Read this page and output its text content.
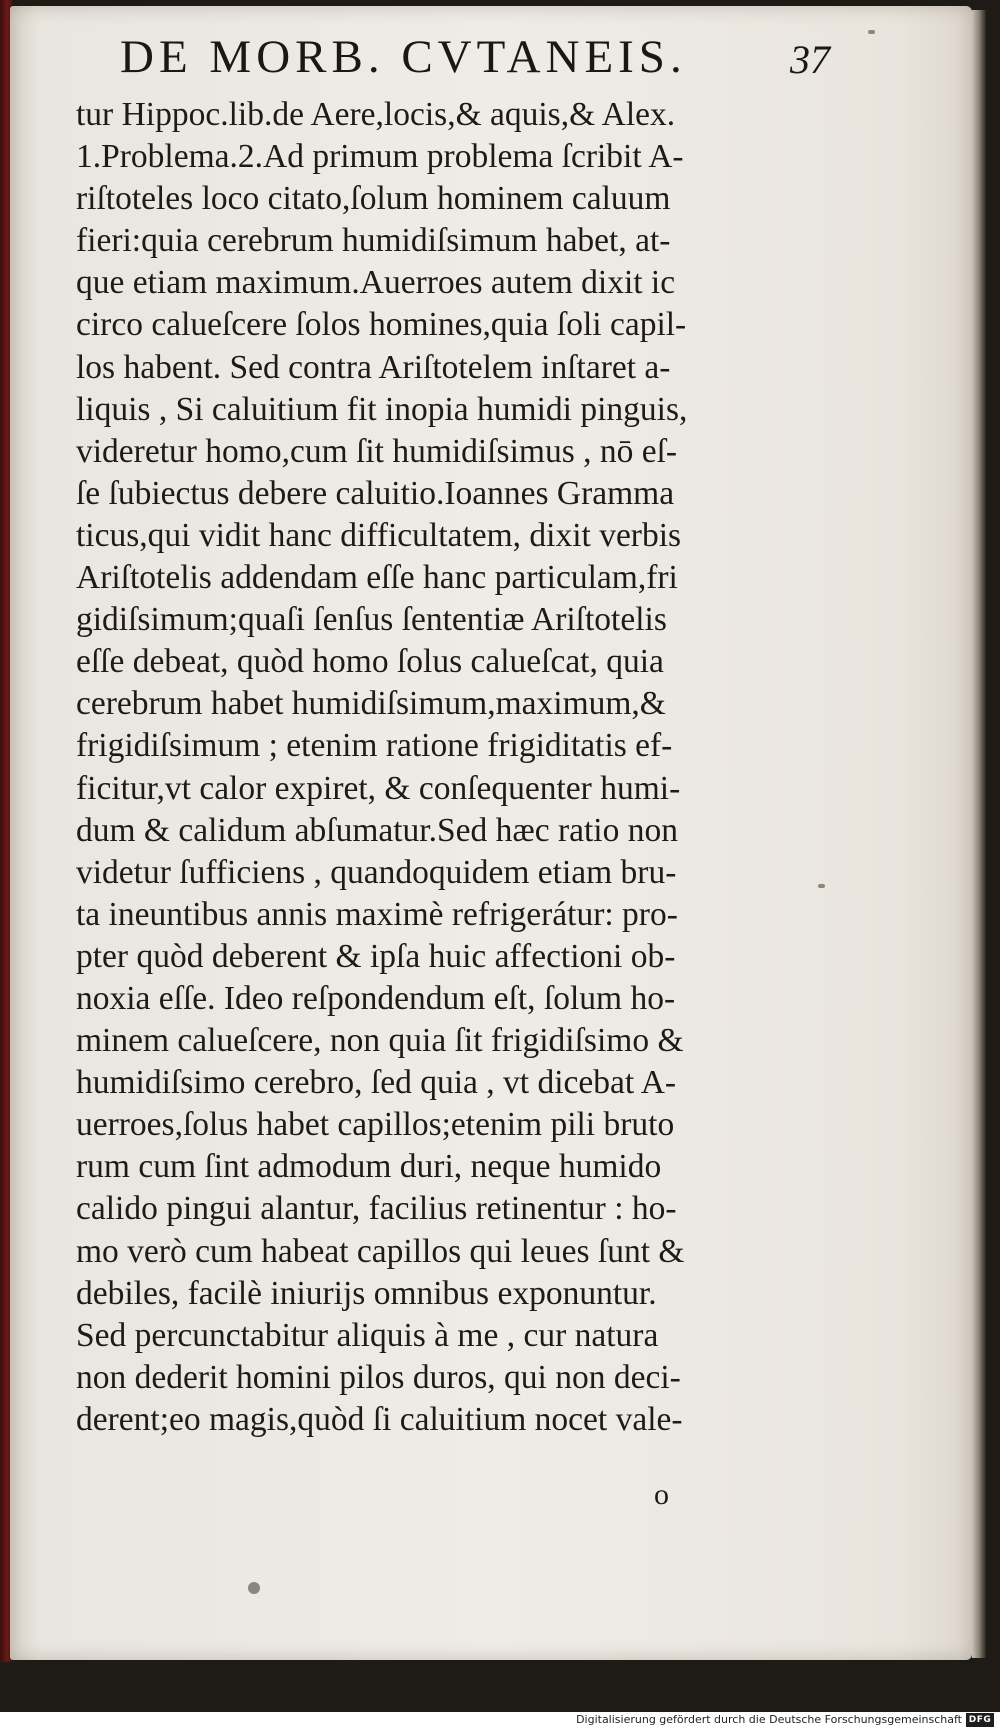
DE MORB. CVTANEIS.	37
tur Hippoc.lib.de Aere,locis,& aquis,& Alex.
1.Problema.2.Ad primum problema ſcribit A-
riſtoteles loco citato,ſolum hominem caluum
fieri:quia cerebrum humidiſsimum habet, at-
que etiam maximum.Auerroes autem dixit ic
circo caluеſcere ſolos homines,quia ſoli capil-
los habent. Sed contra Ariſtotelem inſtaret a-
liquis , Si caluitium fit inopia humidi pinguis,
videretur homo,cum ſit humidiſsimus , nō eſ-
ſe ſubiectus debere caluitio.Ioannes Gramma
ticus,qui vidit hanc difficultatem, dixit verbis
Ariſtotelis addendam eſſe hanc particulam,fri
gidiſsimum;quaſi ſenſus ſententiæ Ariſtotelis
eſſe debeat, quòd homo ſolus caluеſcat, quia
cerebrum habet humidiſsimum,maximum,&
frigidiſsimum ; etenim ratione frigiditatis ef-
ficitur,vt calor expiret, & conſequenter humi-
dum & calidum abſumatur.Sed hæc ratio non
videtur ſufficiens , quandoquidem etiam bru-
ta ineuntibus annis maximè refrigerátur: pro-
pter quòd deberent & ipſa huic affectioni ob-
noxia eſſe. Ideo reſpondendum eſt, ſolum ho-
minem caluеſcere, non quia ſit frigidiſsimo &
humidiſsimo cerebro, ſed quia , vt dicebat A-
uerroes,ſolus habet capillos;etenim pili bruto
rum cum ſint admodum duri, neque humido
calido pingui alantur, facilius retinentur : ho-
mo verò cum habeat capillos qui leues ſunt &
debiles, facilè iniurijs omnibus exponuntur.
Sed percunctabitur aliquis à me , cur natura
non dederit homini pilos duros, qui non deci-
derent;eo magis,quòd ſi caluitium nocet vale-
o
Digitalisierung gefördert durch die Deutsche Forschungsgemeinschaft DFG
